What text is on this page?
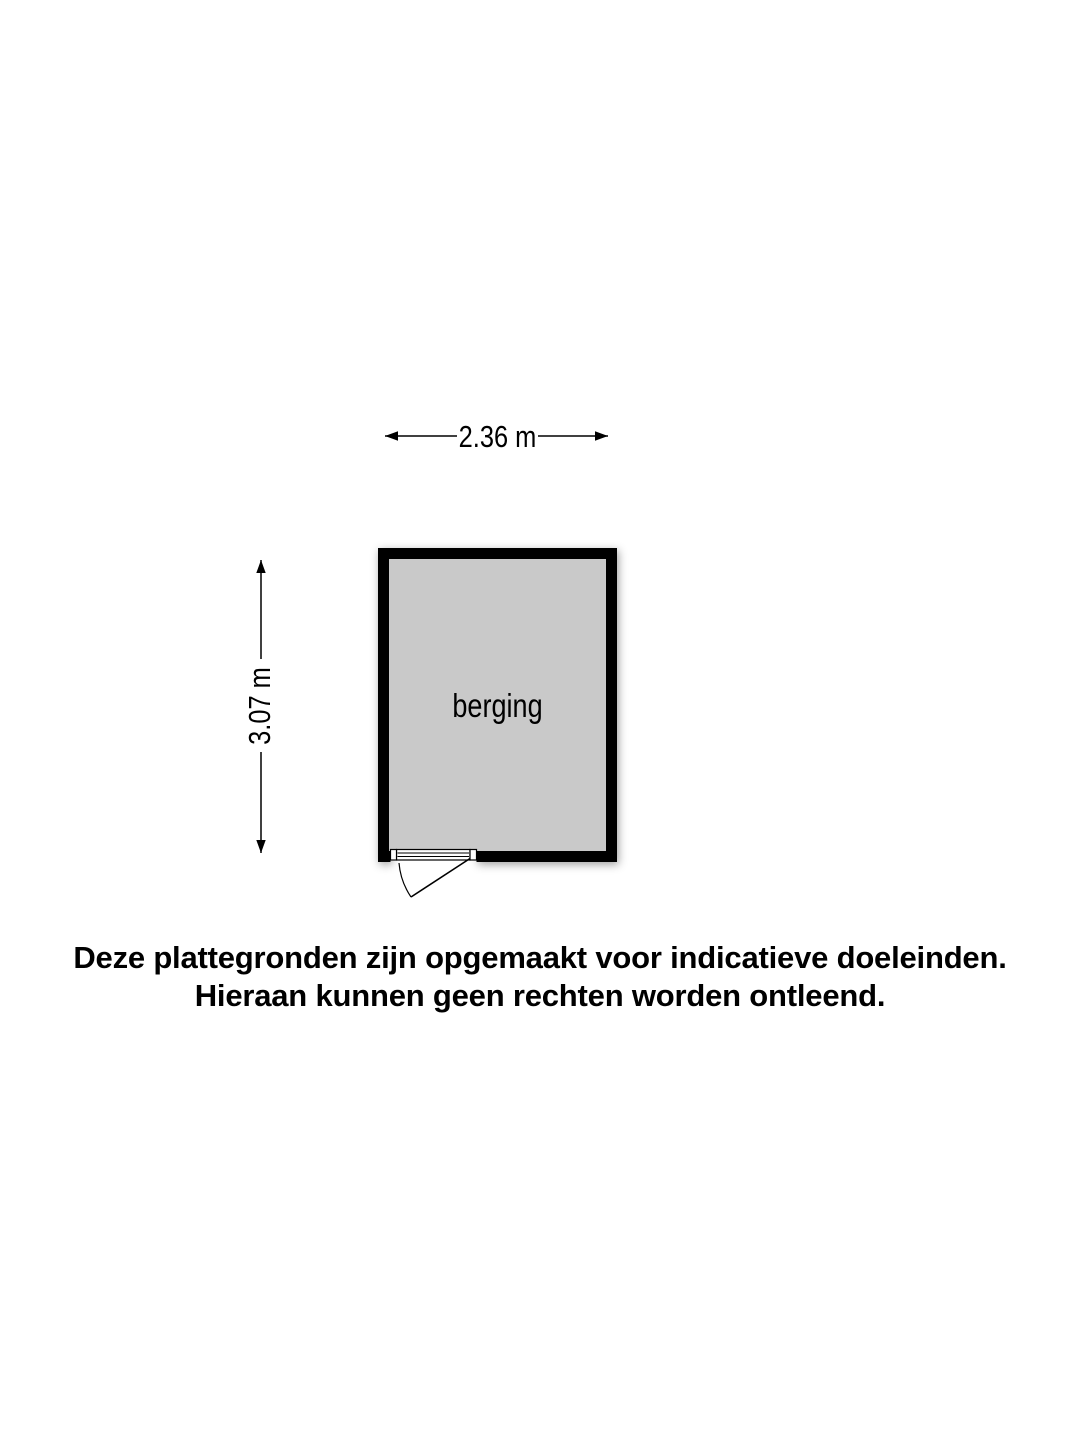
berging
2.36 m
3.07 m
Deze plattegronden zijn opgemaakt voor indicatieve doeleinden.
Hieraan kunnen geen rechten worden ontleend.
